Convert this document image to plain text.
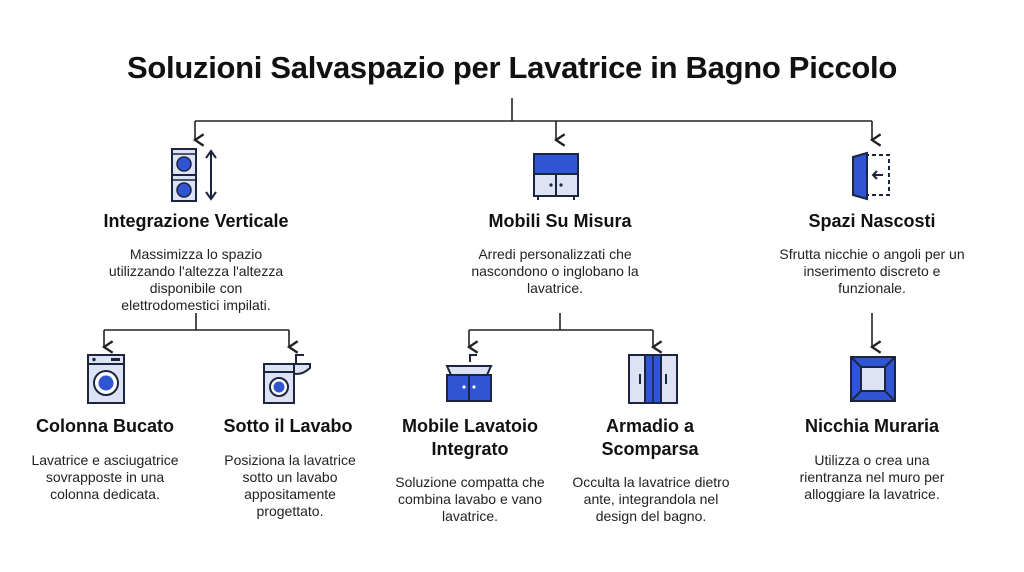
Soluzioni Salvaspazio per Lavatrice in Bagno Piccolo
Integrazione Verticale
Massimizza lo spazio utilizzando l'altezza l'altezza disponibile con elettrodomestici impilati.
Mobili Su Misura
Arredi personalizzati che nascondono o inglobano la lavatrice.
Spazi Nascosti
Sfrutta nicchie o angoli per un inserimento discreto e funzionale.
Colonna Bucato
Lavatrice e asciugatrice sovrapposte in una colonna dedicata.
Sotto il Lavabo
Posiziona la lavatrice sotto un lavabo appositamente progettato.
Mobile Lavatoio Integrato
Soluzione compatta che combina lavabo e vano lavatrice.
Armadio a Scomparsa
Occulta la lavatrice dietro ante, integrandola nel design del bagno.
Nicchia Muraria
Utilizza o crea una rientranza nel muro per alloggiare la lavatrice.
